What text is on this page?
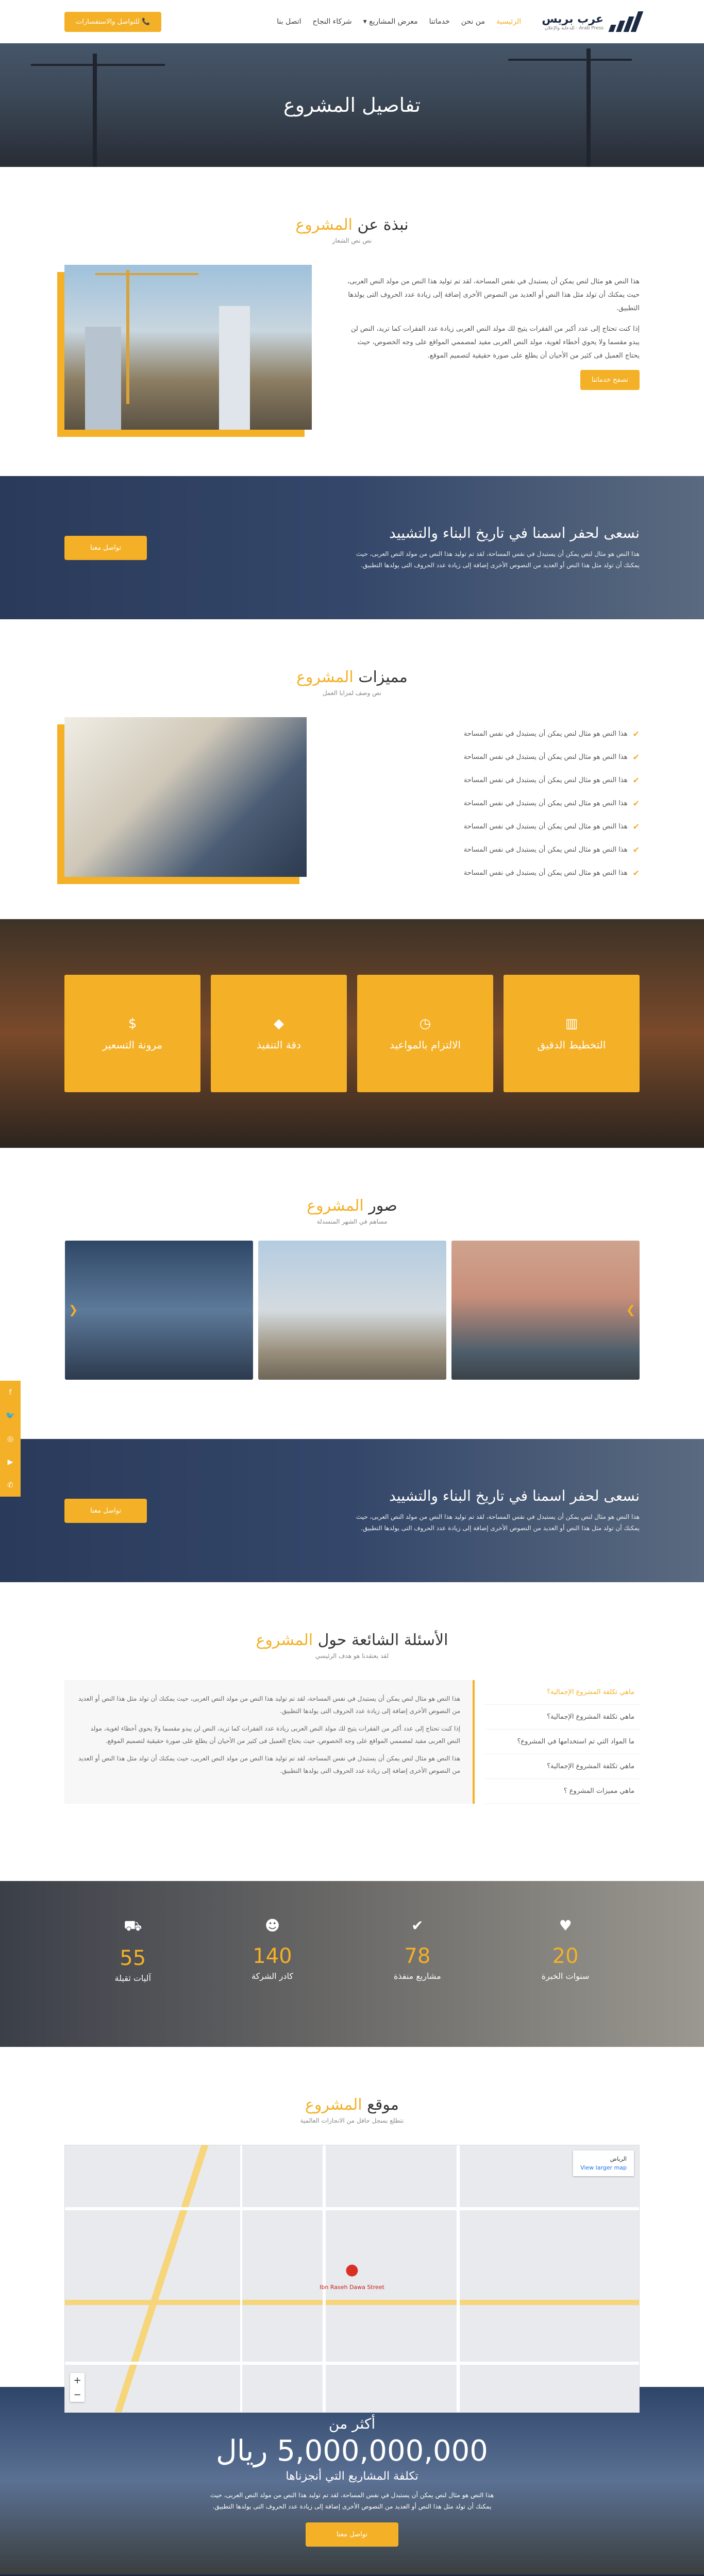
عرب بريس
Arab Press · للدعاية والإعلان
الرئيسية
من نحن
خدماتنا
معرض المشاريع ▾
شركاء النجاح
اتصل بنا
📞 للتواصل والاستفسارات
تفاصيل المشروع
نبذة عن المشروع

نص نص الشعار

هذا النص هو مثال لنص يمكن أن يستبدل في نفس المساحة، لقد تم توليد هذا النص من مولد النص العربى، حيث يمكنك أن تولد مثل هذا النص أو العديد من النصوص الأخرى إضافة إلى زيادة عدد الحروف التى يولدها التطبيق.

إذا كنت تحتاج إلى عدد أكبر من الفقرات يتيح لك مولد النص العربى زيادة عدد الفقرات كما تريد، النص لن يبدو مقسما ولا يحوي أخطاء لغوية، مولد النص العربى مفيد لمصممي المواقع على وجه الخصوص، حيث يحتاج العميل فى كثير من الأحيان أن يطلع على صورة حقيقية لتصميم الموقع.

تصفح خدماتنا
نسعى لحفر اسمنا في تاريخ البناء والتشييد

هذا النص هو مثال لنص يمكن أن يستبدل في نفس المساحة، لقد تم توليد هذا النص من مولد النص العربى، حيث يمكنك أن تولد مثل هذا النص أو العديد من النصوص الأخرى إضافة إلى زيادة عدد الحروف التى يولدها التطبيق.

تواصل معنا
مميزات المشروع

نص وصف لمزايا العمل

✔
هذا النص هو مثال لنص يمكن أن يستبدل في نفس المساحة
✔
هذا النص هو مثال لنص يمكن أن يستبدل في نفس المساحة
✔
هذا النص هو مثال لنص يمكن أن يستبدل في نفس المساحة
✔
هذا النص هو مثال لنص يمكن أن يستبدل في نفس المساحة
✔
هذا النص هو مثال لنص يمكن أن يستبدل في نفس المساحة
✔
هذا النص هو مثال لنص يمكن أن يستبدل في نفس المساحة
✔
هذا النص هو مثال لنص يمكن أن يستبدل في نفس المساحة
▥
التخطيط الدقيق
◷
الالتزام بالمواعيد
◆
دقة التنفيذ
$
مرونة التسعير
صور المشروع

مساهم في الشهر المنسدلة

❯
❮
نسعى لحفر اسمنا في تاريخ البناء والتشييد

هذا النص هو مثال لنص يمكن أن يستبدل في نفس المساحة، لقد تم توليد هذا النص من مولد النص العربى، حيث يمكنك أن تولد مثل هذا النص أو العديد من النصوص الأخرى إضافة إلى زيادة عدد الحروف التى يولدها التطبيق.

تواصل معنا
الأسئلة الشائعة حول المشروع

لقد يعتقدنا هو هدف الرئيسي

ماهي تكلفة المشروع الإجمالية؟
ماهي تكلفة المشروع الإجمالية؟
ما المواد التي تم استخدامها في المشروع؟
ماهي تكلفة المشروع الإجمالية؟
ماهي مميزات المشروع ؟

هذا النص هو مثال لنص يمكن أن يستبدل في نفس المساحة، لقد تم توليد هذا النص من مولد النص العربى، حيث يمكنك أن تولد مثل هذا النص أو العديد من النصوص الأخرى إضافة إلى زيادة عدد الحروف التى يولدها التطبيق.

إذا كنت تحتاج إلى عدد أكبر من الفقرات يتيح لك مولد النص العربى زيادة عدد الفقرات كما تريد، النص لن يبدو مقسما ولا يحوي أخطاء لغوية، مولد النص العربى مفيد لمصممي المواقع على وجه الخصوص، حيث يحتاج العميل فى كثير من الأحيان أن يطلع على صورة حقيقية لتصميم الموقع.

هذا النص هو مثال لنص يمكن أن يستبدل في نفس المساحة، لقد تم توليد هذا النص من مولد النص العربى، حيث يمكنك أن تولد مثل هذا النص أو العديد من النصوص الأخرى إضافة إلى زيادة عدد الحروف التى يولدها التطبيق.

♥
20
سنوات الخبرة
✔
78
مشاريع منفذة
☻
140
كادر الشركة
⛟
55
آليات ثقيلة
موقع المشروع

نتطلع بسجل حافل من الانجازات العالمية

الرياض
View larger map
●
Ibn Raseh Dawa Street
+
−
أكثر من
5,000,000,000 ريال
تكلفة المشاريع التي أنجزناها

هذا النص هو مثال لنص يمكن أن يستبدل في نفس المساحة، لقد تم توليد هذا النص من مولد النص العربى، حيث يمكنك أن تولد مثل هذا النص أو العديد من النصوص الأخرى إضافة إلى زيادة عدد الحروف التى يولدها التطبيق.

تواصل معنا

f
🐦
◎
▶
✆
